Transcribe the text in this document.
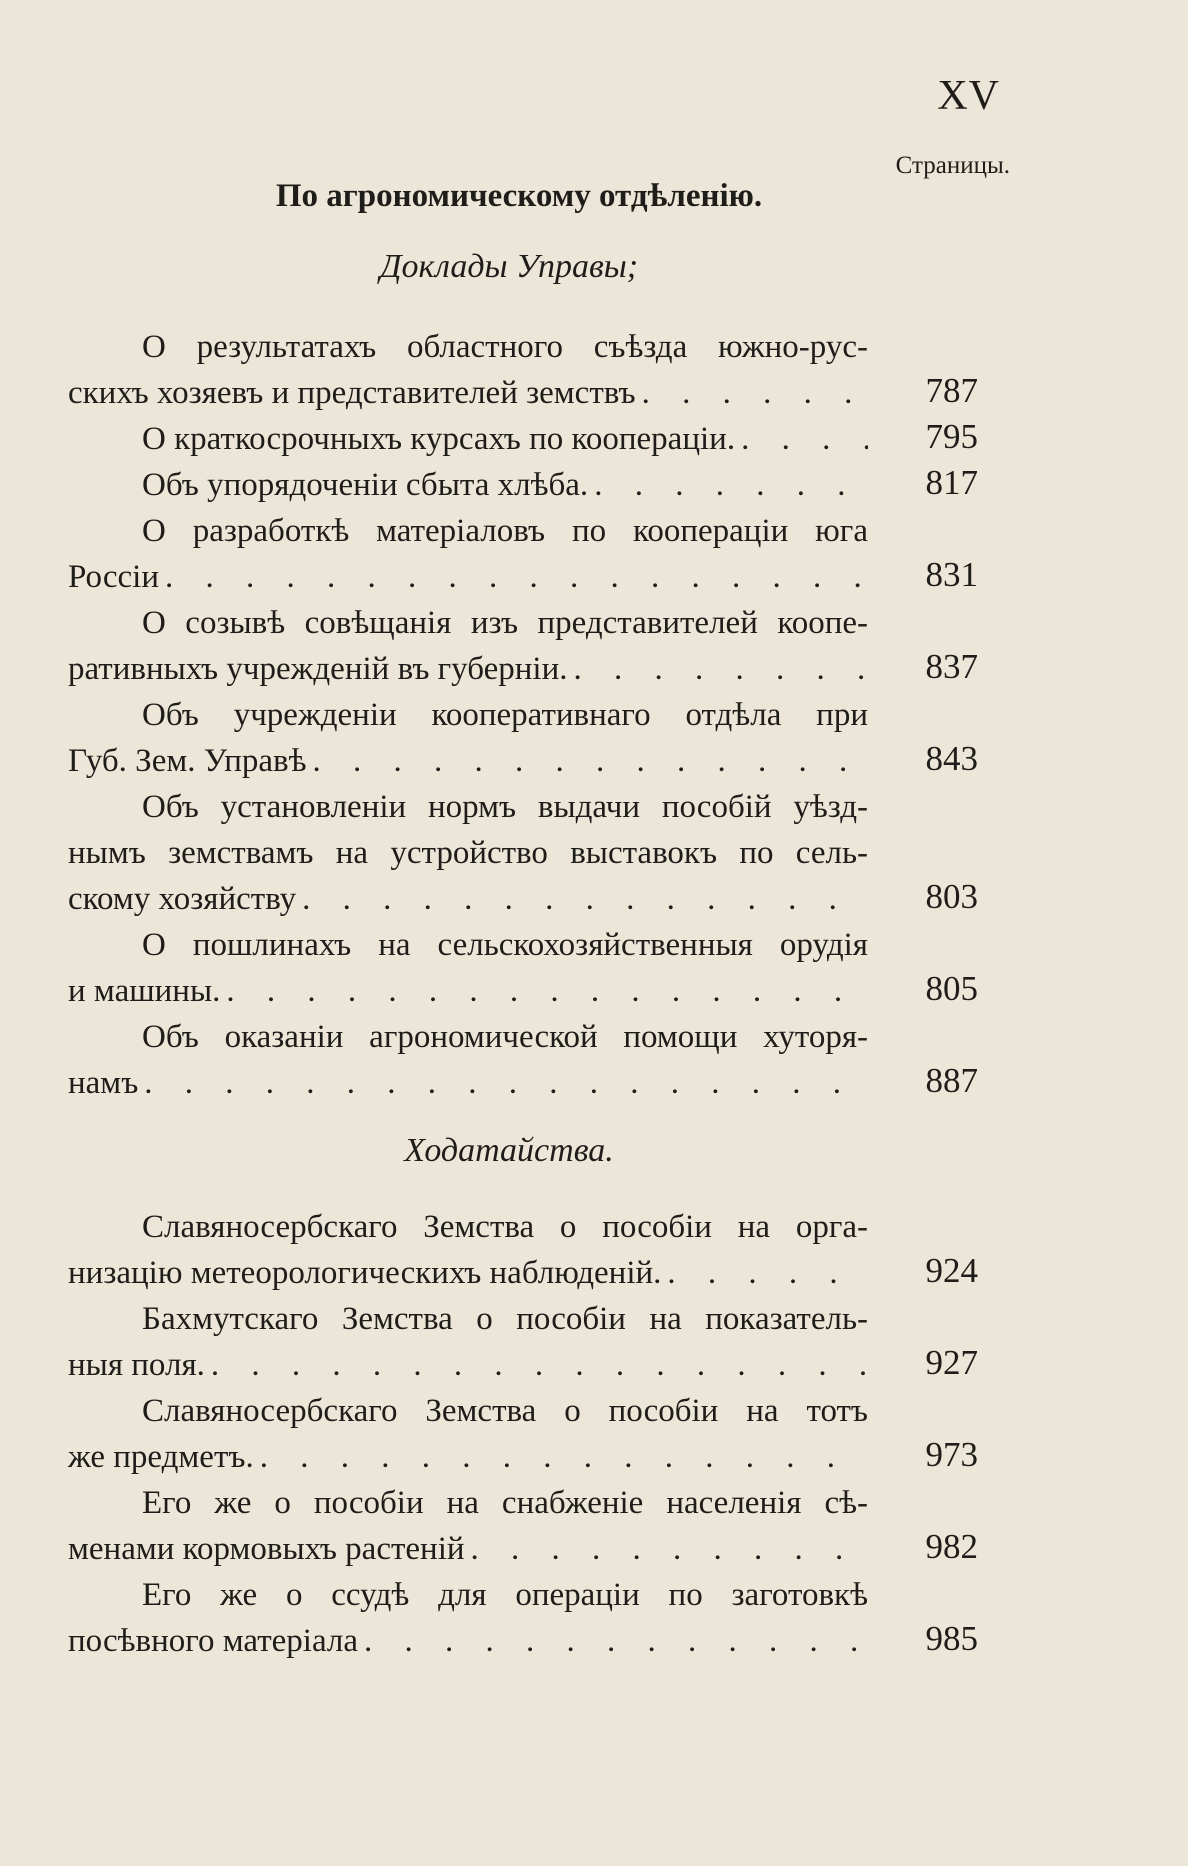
XV
Страницы.
По агрономическому отдѣленію.
Доклады Управы;
Ходатайства.
О результатахъ областного съѣзда южно-рус-
скихъ хозяевъ и представителей земствъ . . .	787
О краткосрочныхъ курсахъ по коопераціи. . . .	795
Объ упорядоченіи сбыта хлѣба. . . .	817
О разработкѣ матеріаловъ по коопераціи юга
Россіи . . .	831
О созывѣ совѣщанія изъ представителей коопе-
ративныхъ учрежденій въ губерніи. . . .	837
Объ учрежденіи кооперативнаго отдѣла при
Губ. Зем. Управѣ . . .	843
Объ установленіи нормъ выдачи пособій уѣзд-
нымъ земствамъ на устройство выставокъ по сель-
скому хозяйству . . .	803
О пошлинахъ на сельскохозяйственныя орудія
и машины. . . .	805
Объ оказаніи агрономической помощи хуторя-
намъ . . .	887
Славяносербскаго Земства о пособіи на орга-
низацію метеорологическихъ наблюденій. . . .	924
Бахмутскаго Земства о пособіи на показатель-
ныя поля. . . .	927
Славяносербскаго Земства о пособіи на тотъ
же предметъ. . . .	973
Его же о пособіи на снабженіе населенія сѣ-
менами кормовыхъ растеній . . .	982
Его же о ссудѣ для операціи по заготовкѣ
посѣвного матеріала . . .	985
